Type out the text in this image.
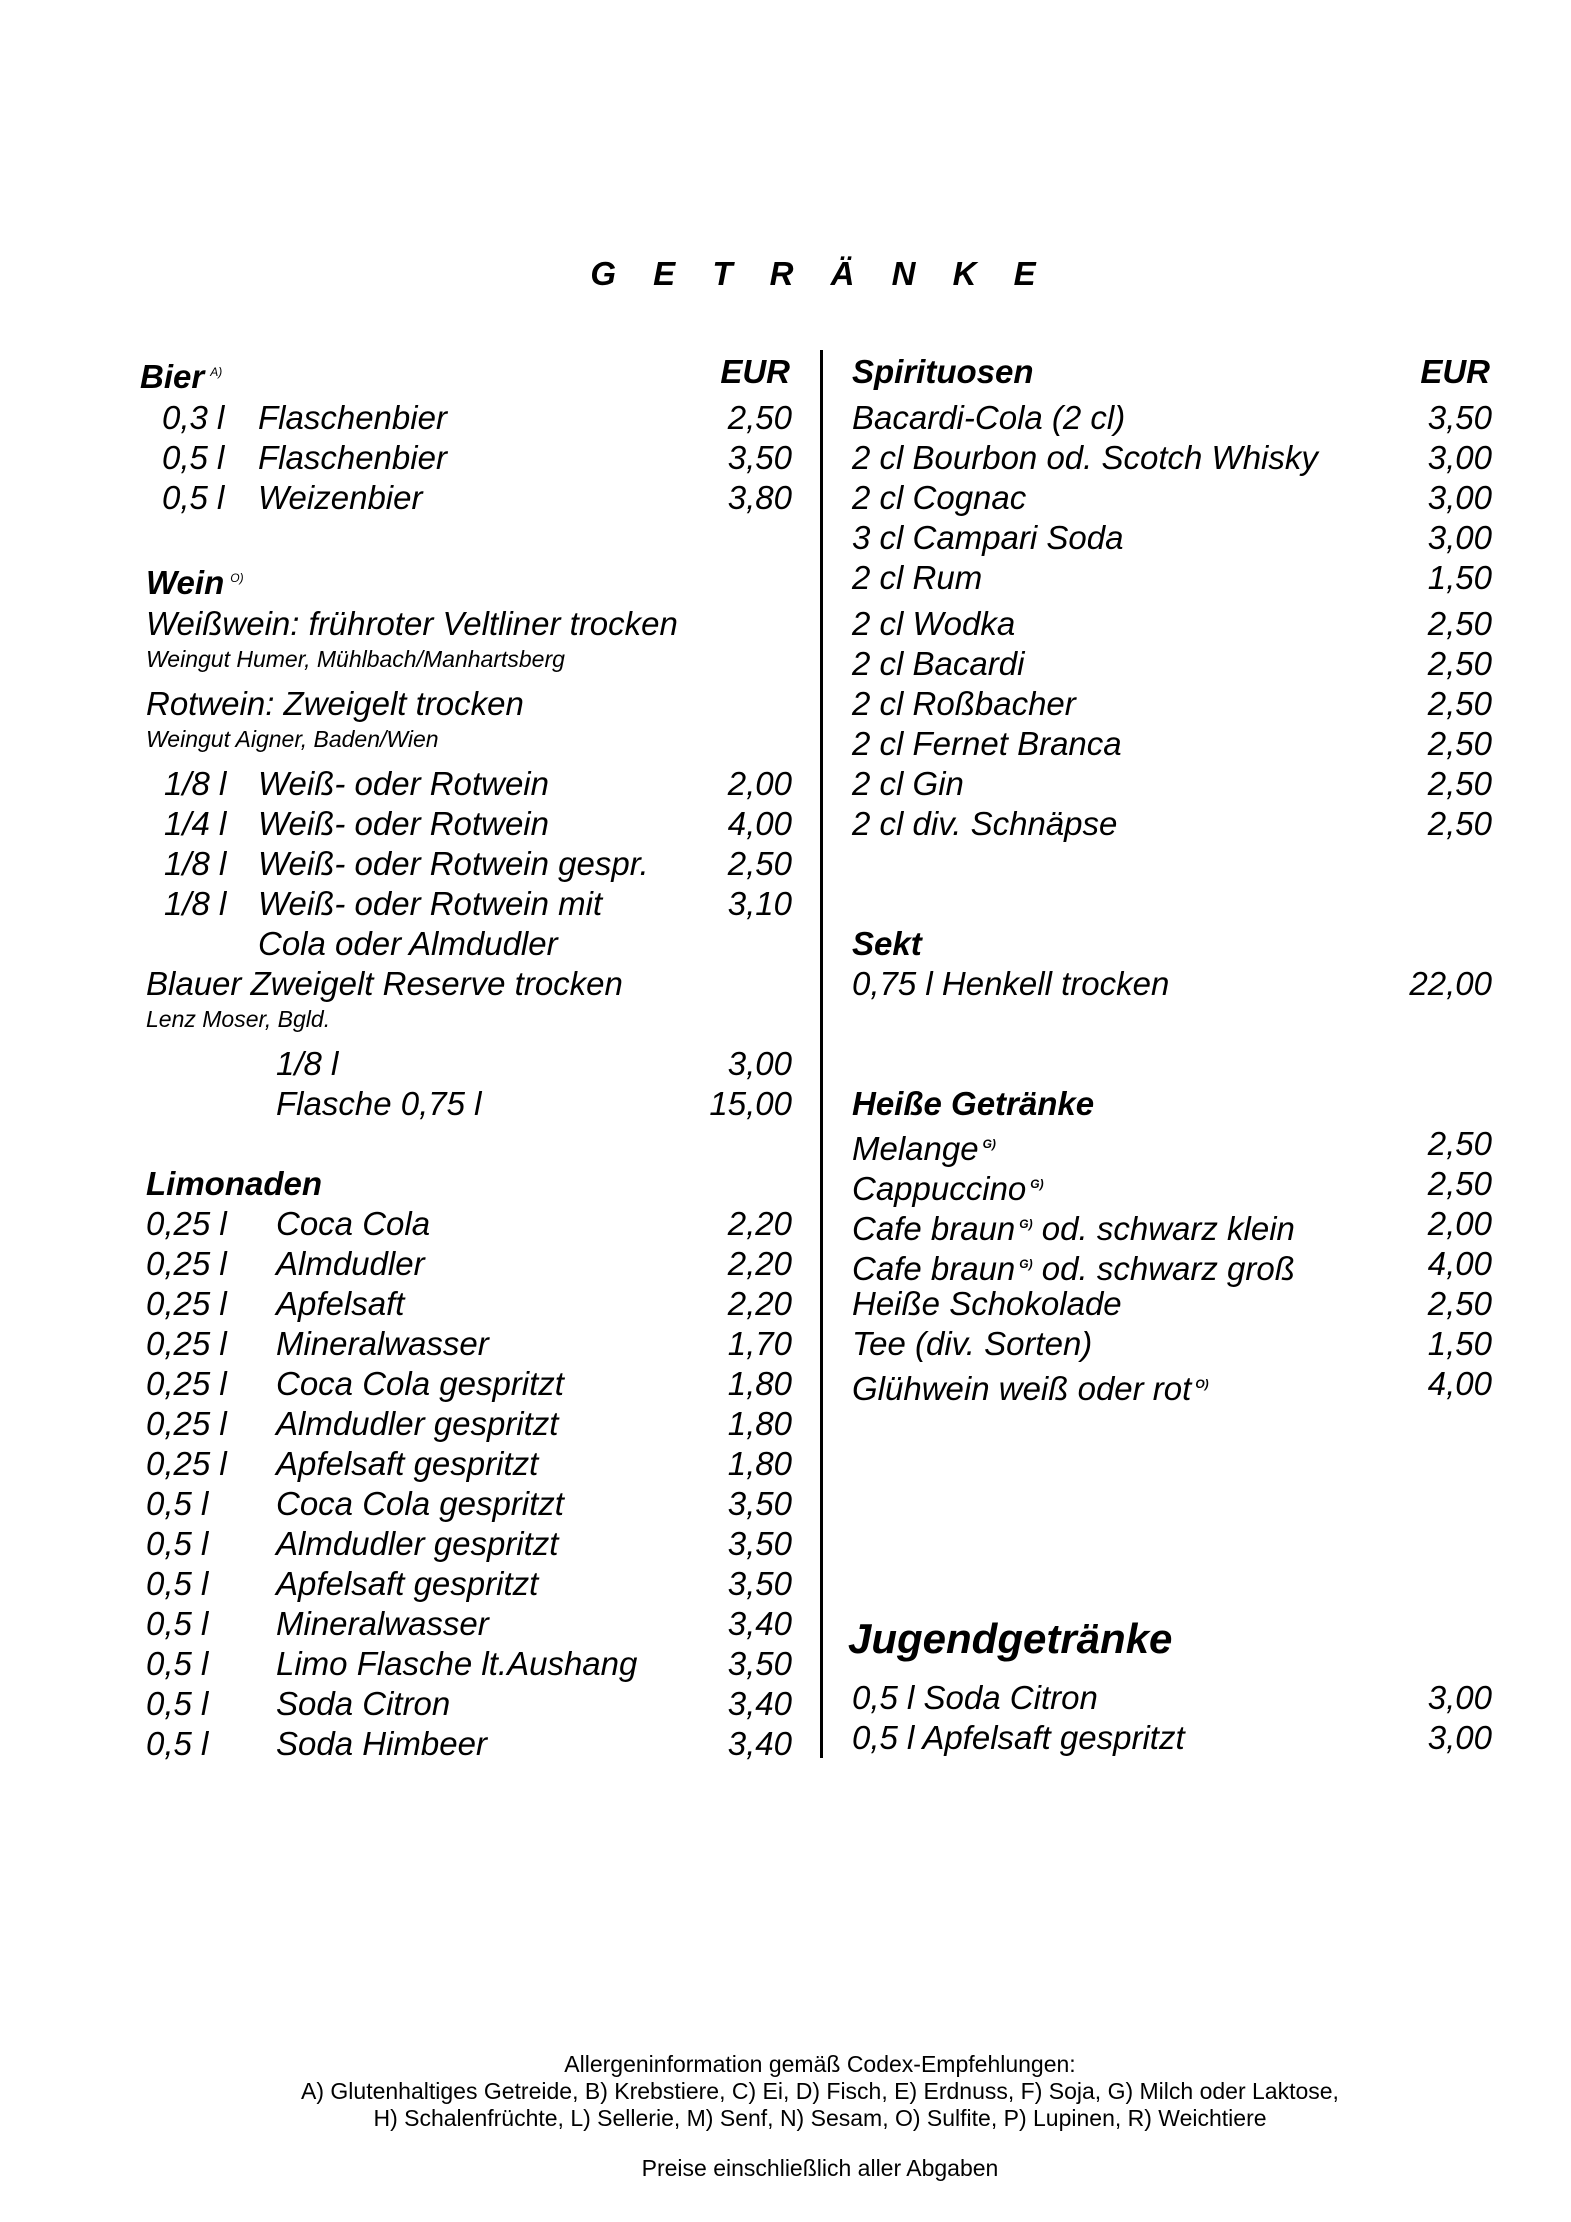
G E T R Ä N K E
Bier $^{A)}$	EUR
0,3 l Flaschenbier	2,50
0,5 l Flaschenbier	3,50
0,5 l Weizenbier	3,80
Wein $^{O)}$
Weißwein: frühroter Veltliner trocken
Weingut Humer, Mühlbach/Manhartsberg
Rotwein: Zweigelt trocken
Weingut Aigner, Baden/Wien
1/8 l Weiß- oder Rotwein	2,00
1/4 l Weiß- oder Rotwein	4,00
1/8 l Weiß- oder Rotwein gespr.	2,50
1/8 l Weiß- oder Rotwein mit	3,10
Cola oder Almdudler
Blauer Zweigelt Reserve trocken
Lenz Moser, Bgld.
1/8 l	3,00
Flasche 0,75 l	15,00
Limonaden
0,25 l Coca Cola	2,20
0,25 l Almdudler	2,20
0,25 l Apfelsaft	2,20
0,25 l Mineralwasser	1,70
0,25 l Coca Cola gespritzt	1,80
0,25 l Almdudler gespritzt	1,80
0,25 l Apfelsaft gespritzt	1,80
0,5 l Coca Cola gespritzt	3,50
0,5 l Almdudler gespritzt	3,50
0,5 l Apfelsaft gespritzt	3,50
0,5 l Mineralwasser	3,40
0,5 l Limo Flasche lt.Aushang	3,50
0,5 l Soda Citron	3,40
0,5 l Soda Himbeer	3,40
Spirituosen	EUR
Bacardi-Cola (2 cl)	3,50
2 cl Bourbon od. Scotch Whisky	3,00
2 cl Cognac	3,00
3 cl Campari Soda	3,00
2 cl Rum	1,50
2 cl Wodka	2,50
2 cl Bacardi	2,50
2 cl Roßbacher	2,50
2 cl Fernet Branca	2,50
2 cl Gin	2,50
2 cl div. Schnäpse	2,50
Sekt
0,75 l Henkell trocken	22,00
Heiße Getränke
Melange $^{G)}$	2,50
Cappuccino $^{G)}$	2,50
Cafe braun $^{G)}$ od. schwarz klein	2,00
Cafe braun $^{G)}$ od. schwarz groß	4,00
Heiße Schokolade	2,50
Tee (div. Sorten)	1,50
Glühwein weiß oder rot $^{O)}$	4,00
Jugendgetränke
0,5 l Soda Citron	3,00
0,5 l Apfelsaft gespritzt	3,00
Allergeninformation gemäß Codex-Empfehlungen:
A) Glutenhaltiges Getreide, B) Krebstiere, C) Ei, D) Fisch, E) Erdnuss, F) Soja, G) Milch oder Laktose,
H) Schalenfrüchte, L) Sellerie, M) Senf, N) Sesam, O) Sulfite, P) Lupinen, R) Weichtiere
Preise einschließlich aller Abgaben
